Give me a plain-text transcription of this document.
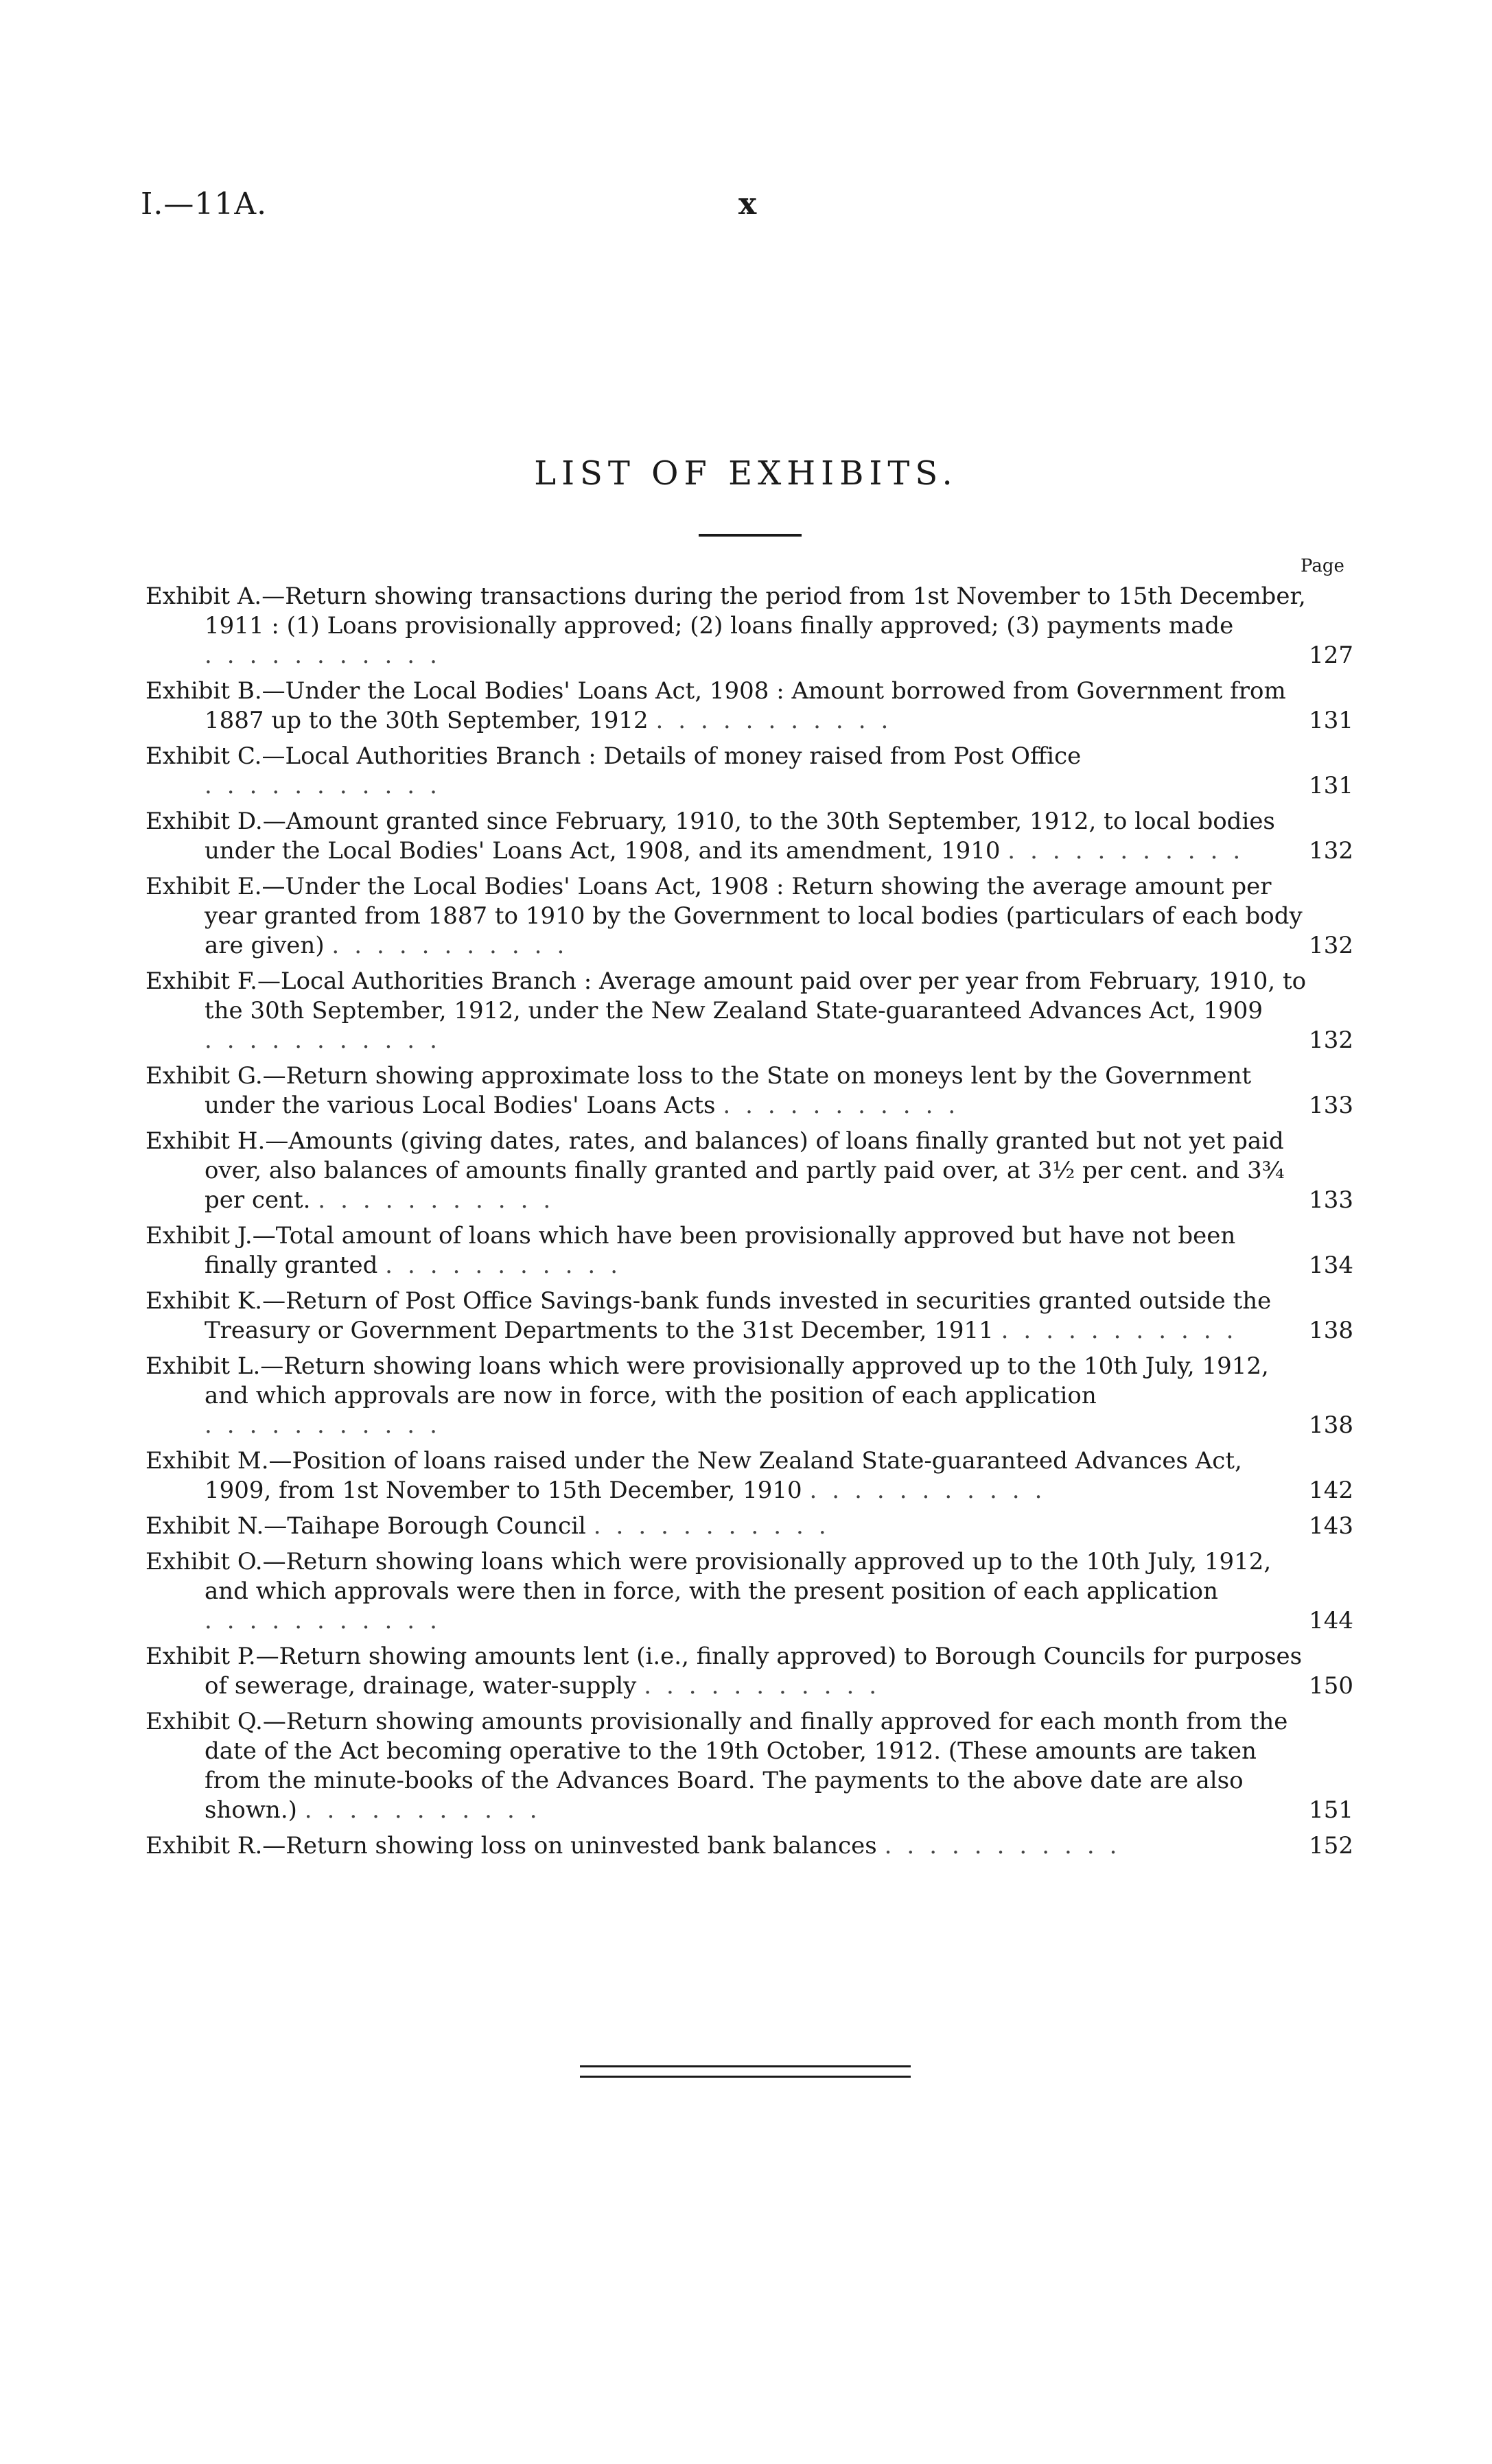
I.—11A.	x
LIST OF EXHIBITS.
Page
Exhibit A.—Return showing transactions during the period from 1st November to 15th December, 1911 : (1) Loans provisionally approved; (2) loans finally approved; (3) payments made ...........	127
Exhibit B.—Under the Local Bodies' Loans Act, 1908 : Amount borrowed from Government from 1887 up to the 30th September, 1912 ...........	131
Exhibit C.—Local Authorities Branch : Details of money raised from Post Office ...........	131
Exhibit D.—Amount granted since February, 1910, to the 30th September, 1912, to local bodies under the Local Bodies' Loans Act, 1908, and its amendment, 1910 ...........	132
Exhibit E.—Under the Local Bodies' Loans Act, 1908 : Return showing the average amount per year granted from 1887 to 1910 by the Government to local bodies (particulars of each body are given) ...........	132
Exhibit F.—Local Authorities Branch : Average amount paid over per year from February, 1910, to the 30th September, 1912, under the New Zealand State-guaranteed Advances Act, 1909 ...........	132
Exhibit G.—Return showing approximate loss to the State on moneys lent by the Government under the various Local Bodies' Loans Acts ...........	133
Exhibit H.—Amounts (giving dates, rates, and balances) of loans finally granted but not yet paid over, also balances of amounts finally granted and partly paid over, at 3½ per cent. and 3¾ per cent. ...........	133
Exhibit J.—Total amount of loans which have been provisionally approved but have not been finally granted ...........	134
Exhibit K.—Return of Post Office Savings-bank funds invested in securities granted outside the Treasury or Government Departments to the 31st December, 1911 ...........	138
Exhibit L.—Return showing loans which were provisionally approved up to the 10th July, 1912, and which approvals are now in force, with the position of each application ...........	138
Exhibit M.—Position of loans raised under the New Zealand State-guaranteed Advances Act, 1909, from 1st November to 15th December, 1910 ...........	142
Exhibit N.—Taihape Borough Council ...........	143
Exhibit O.—Return showing loans which were provisionally approved up to the 10th July, 1912, and which approvals were then in force, with the present position of each application ...........	144
Exhibit P.—Return showing amounts lent (i.e., finally approved) to Borough Councils for purposes of sewerage, drainage, water-supply ...........	150
Exhibit Q.—Return showing amounts provisionally and finally approved for each month from the date of the Act becoming operative to the 19th October, 1912. (These amounts are taken from the minute-books of the Advances Board. The payments to the above date are also shown.) ...........	151
Exhibit R.—Return showing loss on uninvested bank balances ...........	152
